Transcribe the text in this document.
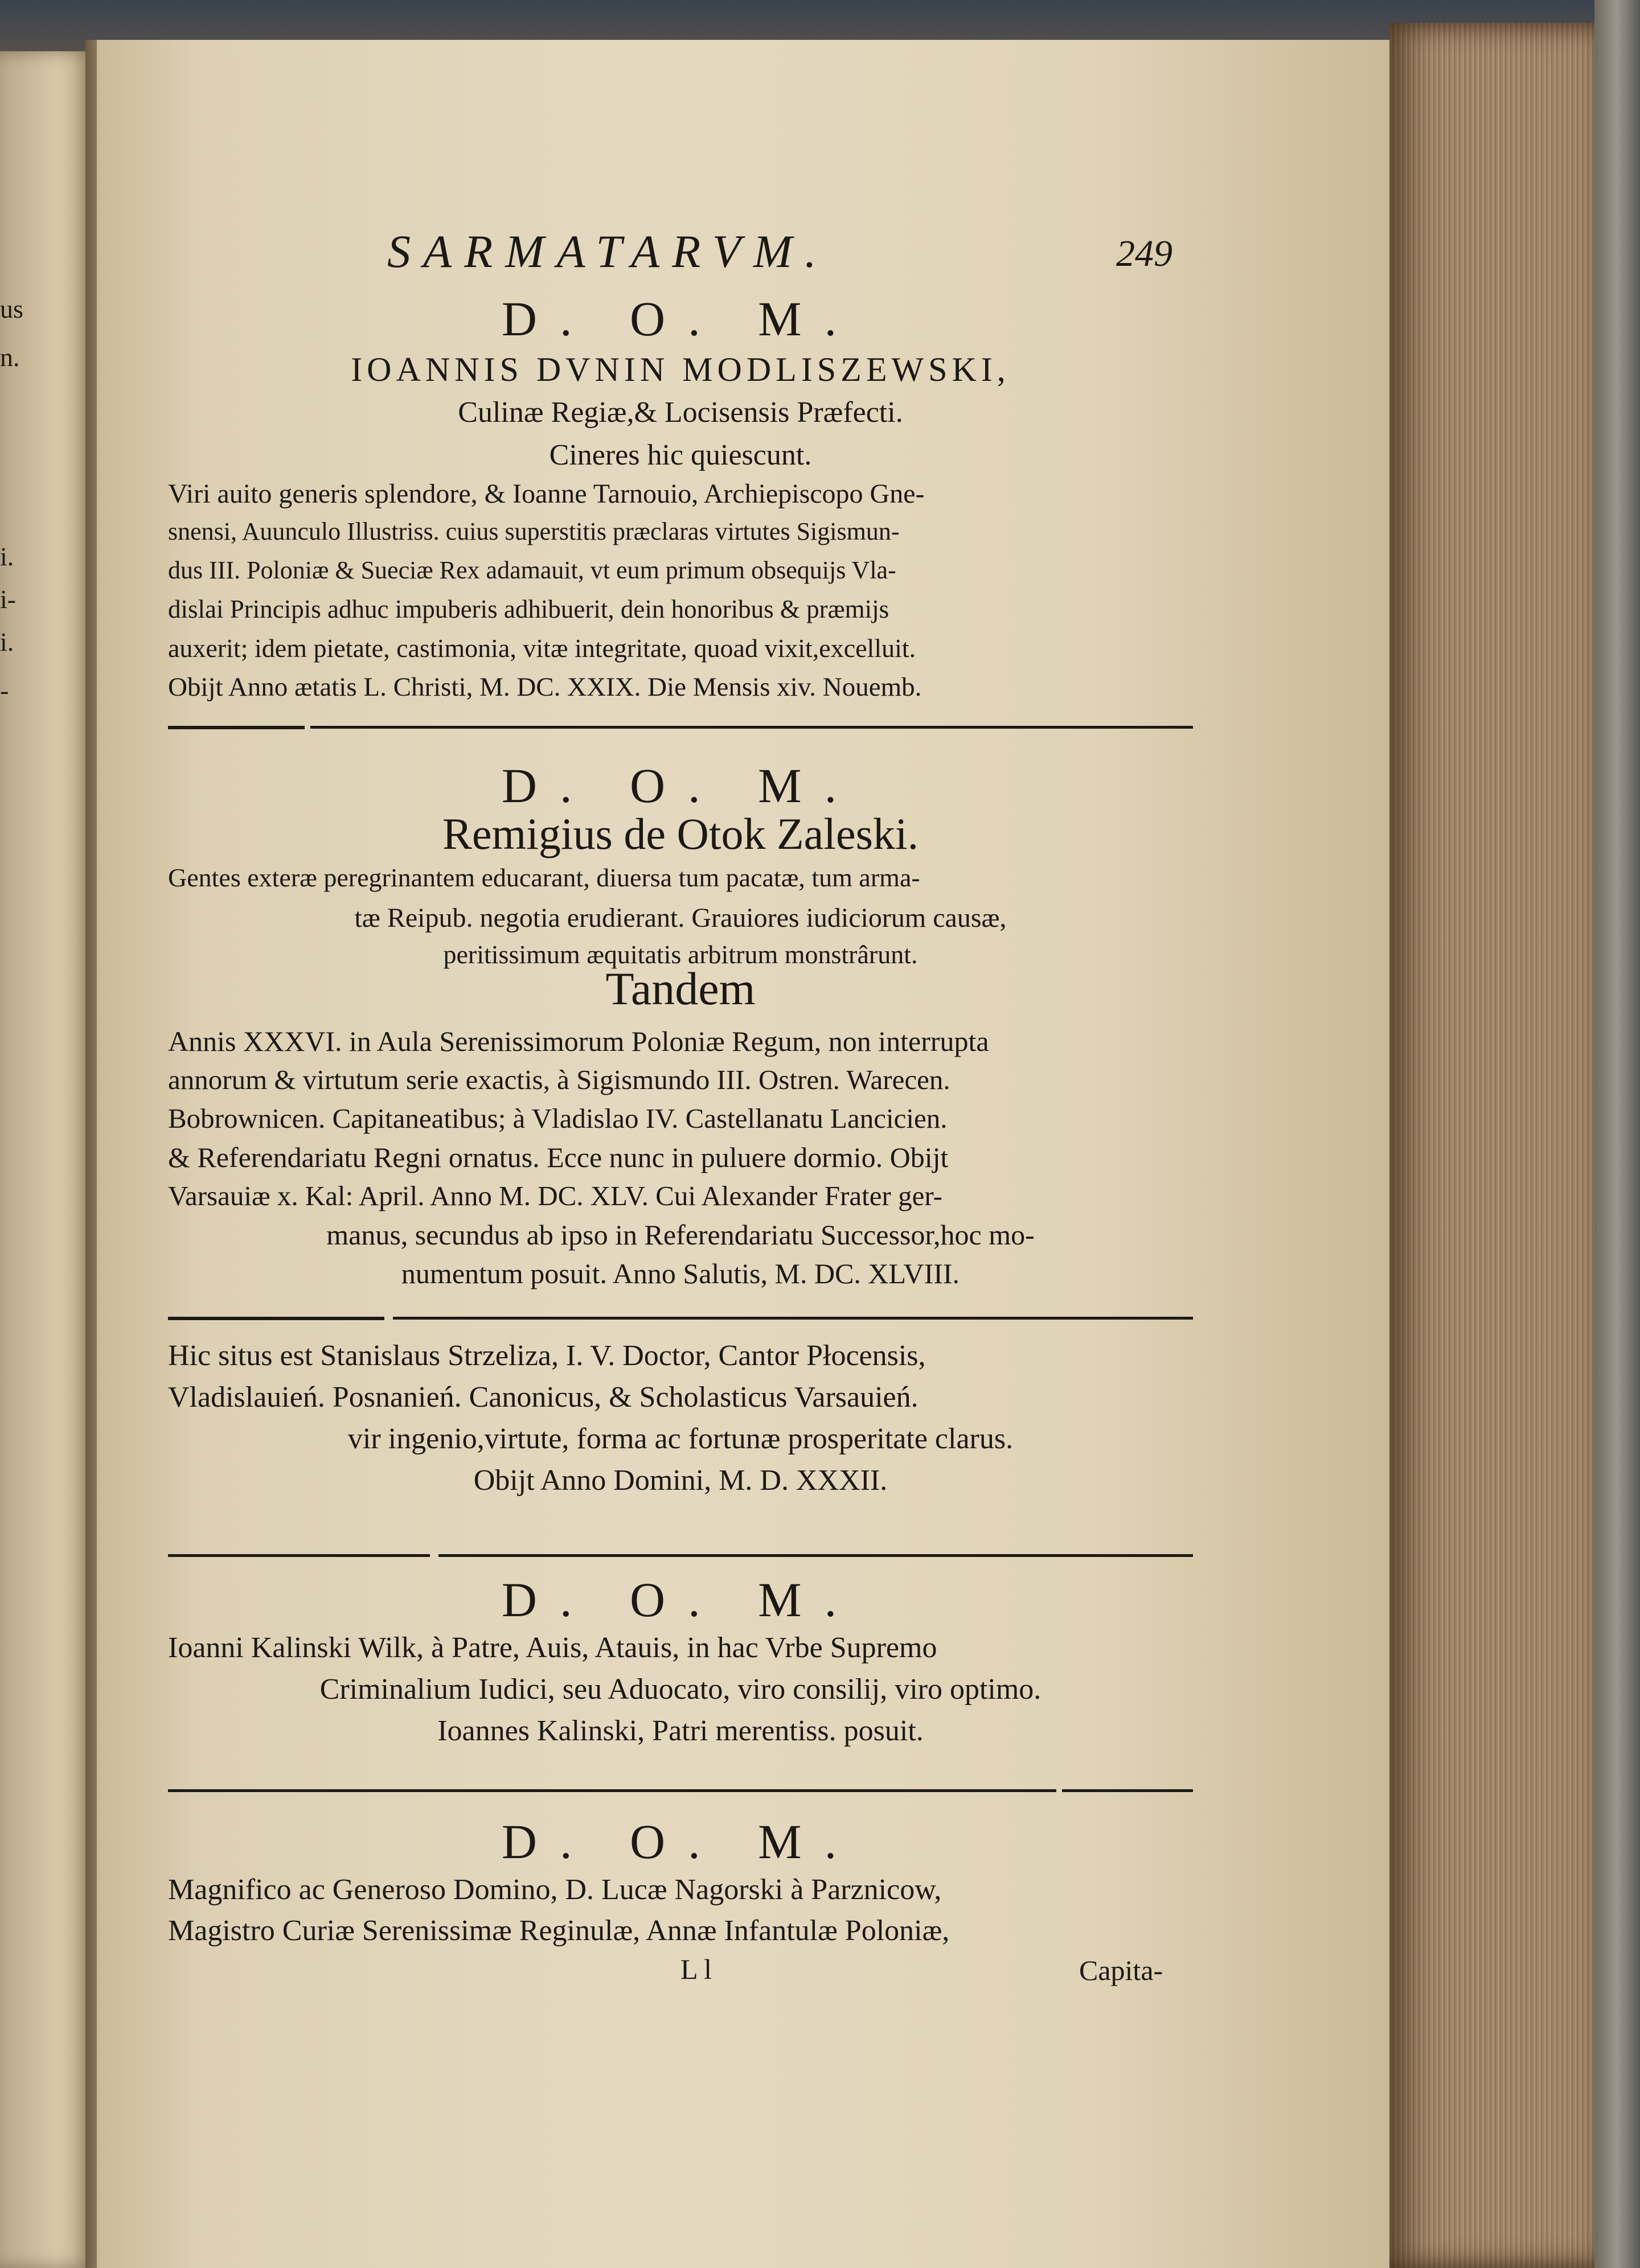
us
n.
i.
i-
i.
-
SARMATARVM.	249
D. O. M.
IOANNIS DVNIN MODLISZEWSKI,
Culinæ Regiæ,& Locisensis Præfecti.
Cineres hic quiescunt.
Viri auito generis splendore, & Ioanne Tarnouio, Archiepiscopo Gne-
snensi, Auunculo Illustriss. cuius superstitis præclaras virtutes Sigismun-
dus III. Poloniæ & Sueciæ Rex adamauit, vt eum primum obsequijs Vla-
dislai Principis adhuc impuberis adhibuerit, dein honoribus & præmijs
auxerit; idem pietate, castimonia, vitæ integritate, quoad vixit,excelluit.
Obijt Anno ætatis L. Christi, M. DC. XXIX. Die Mensis xiv. Nouemb.
D. O. M.
Remigius de Otok Zaleski.
Gentes exteræ peregrinantem educarant, diuersa tum pacatæ, tum arma-
tæ Reipub. negotia erudierant. Grauiores iudiciorum causæ,
peritissimum æquitatis arbitrum monstrârunt.
Tandem
Annis XXXVI. in Aula Serenissimorum Poloniæ Regum, non interrupta
annorum & virtutum serie exactis, à Sigismundo III. Ostren. Warecen.
Bobrownicen. Capitaneatibus; à Vladislao IV. Castellanatu Lancicien.
& Referendariatu Regni ornatus. Ecce nunc in puluere dormio. Obijt
Varsauiæ x. Kal: April. Anno M. DC. XLV. Cui Alexander Frater ger-
manus, secundus ab ipso in Referendariatu Successor,hoc mo-
numentum posuit. Anno Salutis, M. DC. XLVIII.
Hic situs est Stanislaus Strzeliza, I. V. Doctor, Cantor Płocensis,
Vladislauień. Posnanień. Canonicus, & Scholasticus Varsauień.
vir ingenio,virtute, forma ac fortunæ prosperitate clarus.
Obijt Anno Domini, M. D. XXXII.
D. O. M.
Ioanni Kalinski Wilk, à Patre, Auis, Atauis, in hac Vrbe Supremo
Criminalium Iudici, seu Aduocato, viro consilij, viro optimo.
Ioannes Kalinski, Patri merentiss. posuit.
D. O. M.
Magnifico ac Generoso Domino, D. Lucæ Nagorski à Parznicow,
Magistro Curiæ Serenissimæ Reginulæ, Annæ Infantulæ Poloniæ,
L l	Capita-
